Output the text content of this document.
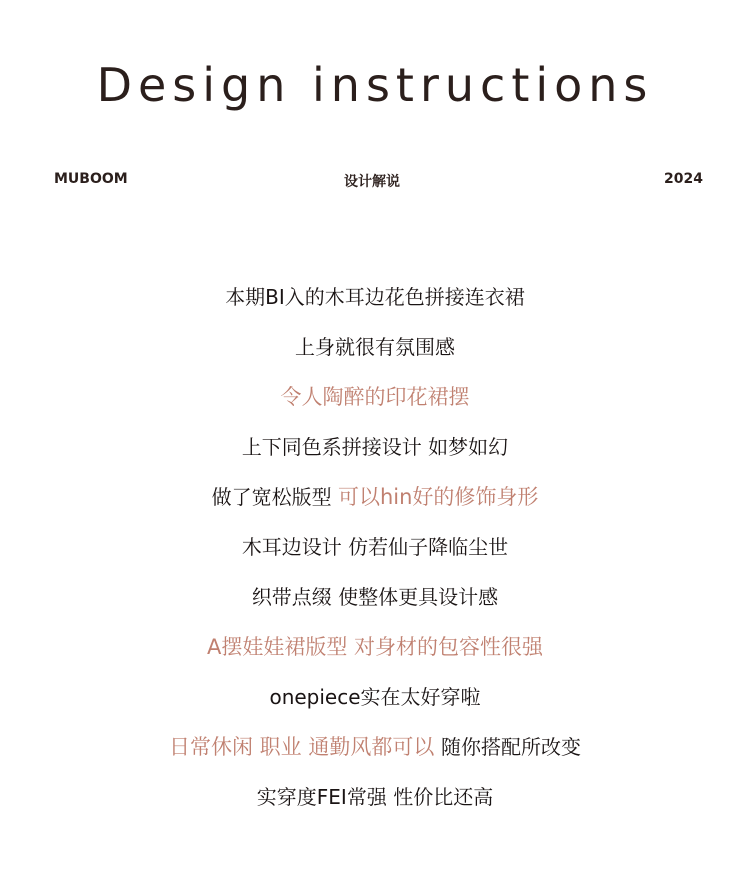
Design instructions
MUBOOM	设计解说	2024
本期BI入的木耳边花色拼接连衣裙
上身就很有氛围感
令人陶醉的印花裙摆
上下同色系拼接设计 如梦如幻
做了宽松版型 可以hin好的修饰身形
木耳边设计 仿若仙子降临尘世
织带点缀 使整体更具设计感
A摆娃娃裙版型 对身材的包容性很强
onepiece实在太好穿啦
日常休闲 职业 通勤风都可以 随你搭配所改变
实穿度FEI常强 性价比还高
